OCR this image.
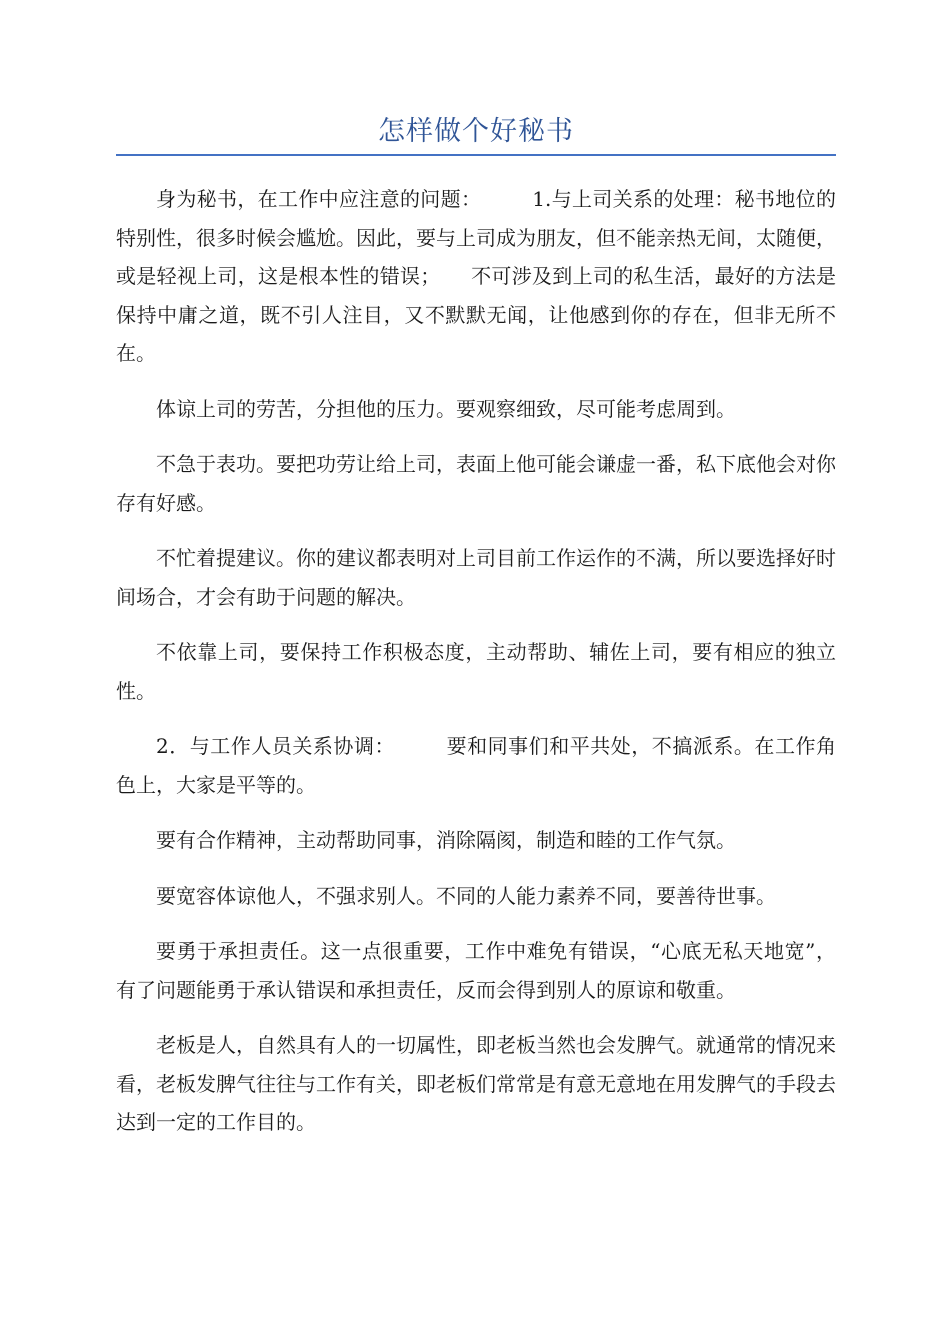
怎样做个好秘书

身为秘书，在工作中应注意的问题：　　　1.与上司关系的处理：秘书地位的特别性，很多时候会尴尬。因此，要与上司成为朋友，但不能亲热无间，太随便，或是轻视上司，这是根本性的错误；　　不可涉及到上司的私生活，最好的方法是保持中庸之道，既不引人注目，又不默默无闻，让他感到你的存在，但非无所不在。

体谅上司的劳苦，分担他的压力。要观察细致，尽可能考虑周到。

不急于表功。要把功劳让给上司，表面上他可能会谦虚一番，私下底他会对你存有好感。

不忙着提建议。你的建议都表明对上司目前工作运作的不满，所以要选择好时间场合，才会有助于问题的解决。

不依靠上司，要保持工作积极态度，主动帮助、辅佐上司，要有相应的独立性。

2．与工作人员关系协调：　　　要和同事们和平共处，不搞派系。在工作角色上，大家是平等的。

要有合作精神，主动帮助同事，消除隔阂，制造和睦的工作气氛。

要宽容体谅他人，不强求别人。不同的人能力素养不同，要善待世事。

要勇于承担责任。这一点很重要，工作中难免有错误，“心底无私天地宽”，有了问题能勇于承认错误和承担责任，反而会得到别人的原谅和敬重。

老板是人，自然具有人的一切属性，即老板当然也会发脾气。就通常的情况来看，老板发脾气往往与工作有关，即老板们常常是有意无意地在用发脾气的手段去达到一定的工作目的。
